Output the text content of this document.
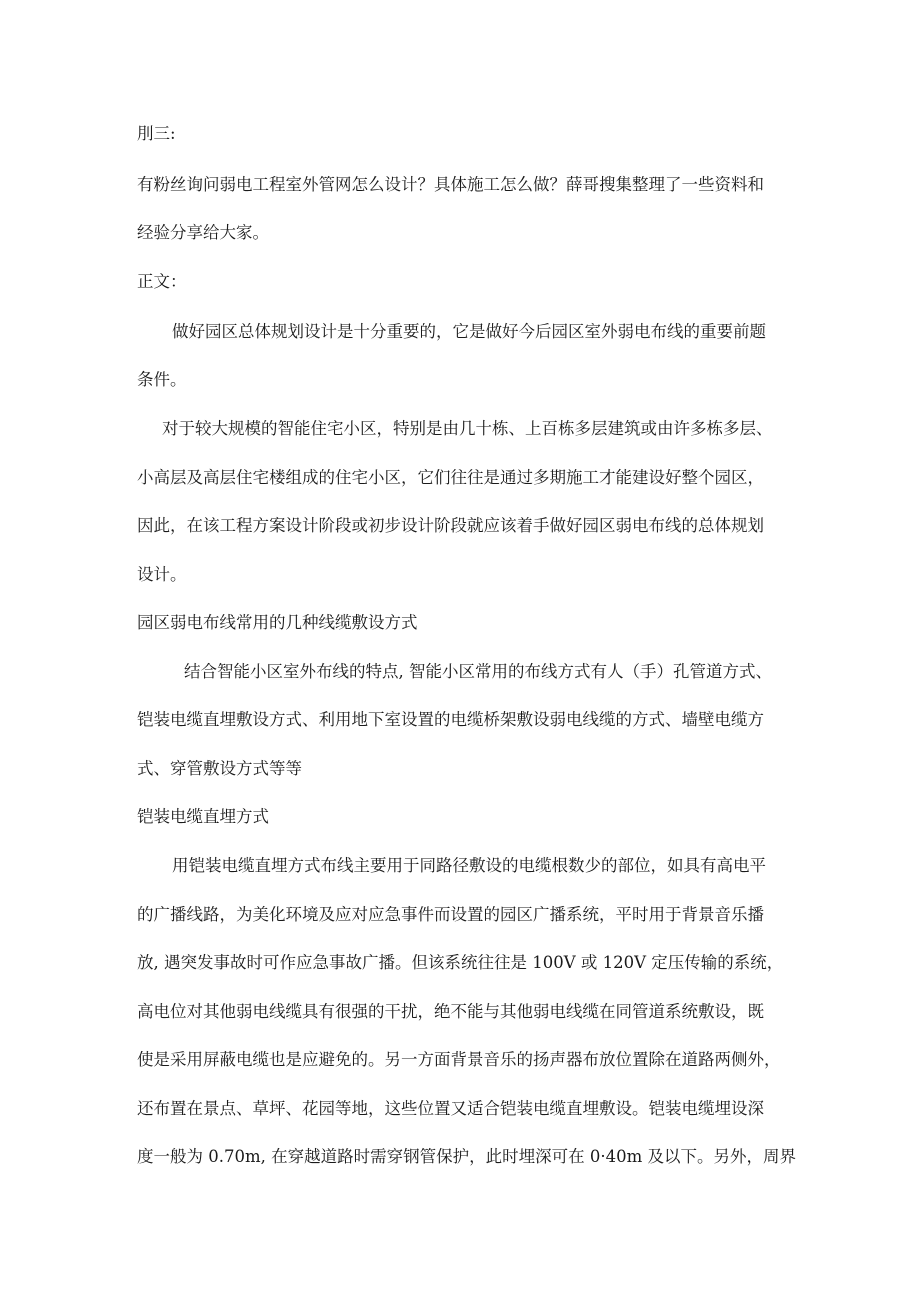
刖三:
有粉丝询问弱电工程室外管网怎么设计？具体施工怎么做？薛哥搜集整理了一些资料和
经验分享给大家。
正文：
做好园区总体规划设计是十分重要的，它是做好今后园区室外弱电布线的重要前题
条件。
对于较大规模的智能住宅小区，特别是由几十栋、上百栋多层建筑或由许多栋多层、
小高层及高层住宅楼组成的住宅小区，它们往往是通过多期施工才能建设好整个园区，
因此，在该工程方案设计阶段或初步设计阶段就应该着手做好园区弱电布线的总体规划
设计。
园区弱电布线常用的几种线缆敷设方式
结合智能小区室外布线的特点, 智能小区常用的布线方式有人（手）孔管道方式、
铠装电缆直埋敷设方式、利用地下室设置的电缆桥架敷设弱电线缆的方式、墙壁电缆方
式、穿管敷设方式等等
铠装电缆直埋方式
用铠装电缆直埋方式布线主要用于同路径敷设的电缆根数少的部位，如具有高电平
的广播线路，为美化环境及应对应急事件而设置的园区广播系统，平时用于背景音乐播
放, 遇突发事故时可作应急事故广播。但该系统往往是 100V 或 120V 定压传输的系统，
高电位对其他弱电线缆具有很强的干扰，绝不能与其他弱电线缆在同管道系统敷设，既
使是采用屏蔽电缆也是应避免的。另一方面背景音乐的扬声器布放位置除在道路两侧外，
还布置在景点、草坪、花园等地，这些位置又适合铠装电缆直埋敷设。铠装电缆埋设深
度一般为 0.70m, 在穿越道路时需穿钢管保护，此时埋深可在 0·40m 及以下。另外，周界
